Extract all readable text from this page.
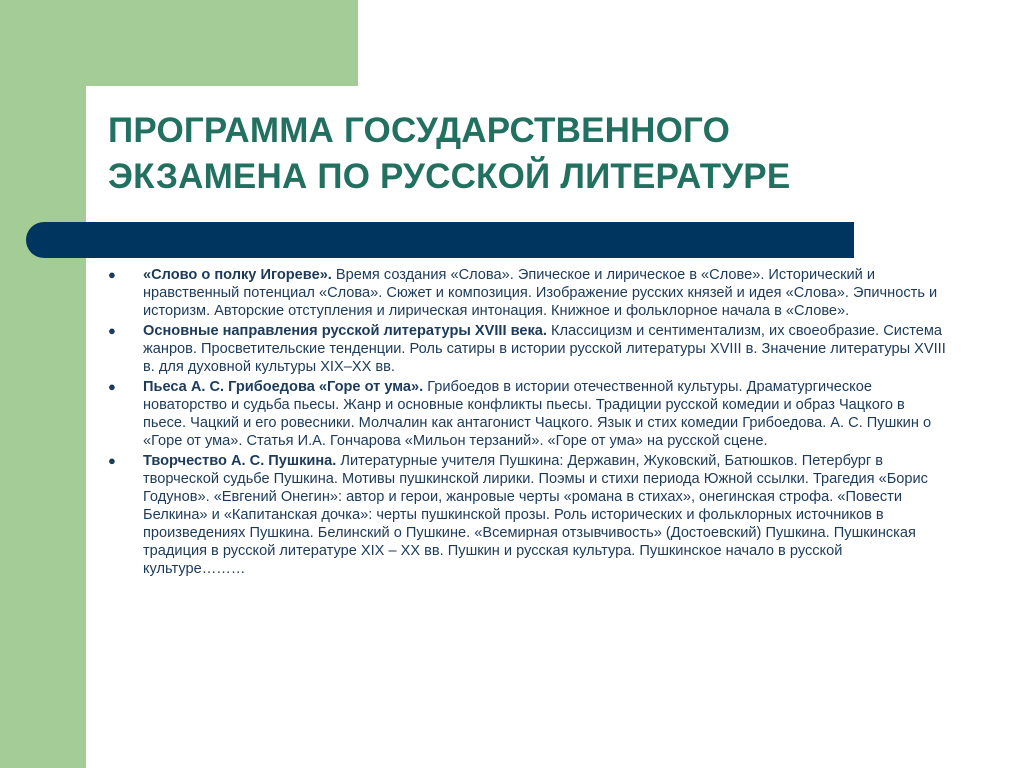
ПРОГРАММА ГОСУДАРСТВЕННОГО
ЭКЗАМЕНА ПО РУССКОЙ ЛИТЕРАТУРЕ
●	«Слово о полку Игореве». Время создания «Слова». Эпическое и лирическое в «Слове». Исторический и нравственный потенциал «Слова». Сюжет и композиция. Изображение русских князей и идея «Слова». Эпичность и историзм. Авторские отступления и лирическая интонация. Книжное и фольклорное начала в «Слове».
●	Основные направления русской литературы XVIII века. Классицизм и сентиментализм, их своеобразие. Система жанров. Просветительские тенденции. Роль сатиры в истории русской литературы XVIII в. Значение литературы XVIII в. для духовной культуры XIX–XX вв.
●	Пьеса А. С. Грибоедова «Горе от ума». Грибоедов в истории отечественной культуры. Драматургическое новаторство и судьба пьесы. Жанр и основные конфликты пьесы. Традиции русской комедии и образ Чацкого в пьесе. Чацкий и его ровесники. Молчалин как антагонист Чацкого. Язык и стих комедии Грибоедова. А. С. Пушкин о «Горе от ума». Статья И.А. Гончарова «Мильон терзаний». «Горе от ума» на русской сцене.
●	Творчество А. С. Пушкина. Литературные учителя Пушкина: Державин, Жуковский, Батюшков. Петербург в творческой судьбе Пушкина. Мотивы пушкинской лирики. Поэмы и стихи периода Южной ссылки. Трагедия «Борис Годунов». «Евгений Онегин»: автор и герои, жанровые черты «романа в стихах», онегинская строфа. «Повести Белкина» и «Капитанская дочка»: черты пушкинской прозы. Роль исторических и фольклорных источников в произведениях Пушкина. Белинский о Пушкине. «Всемирная отзывчивость» (Достоевский) Пушкина. Пушкинская традиция в русской литературе XIX – XX вв. Пушкин и русская культура. Пушкинское начало в русской культуре………
